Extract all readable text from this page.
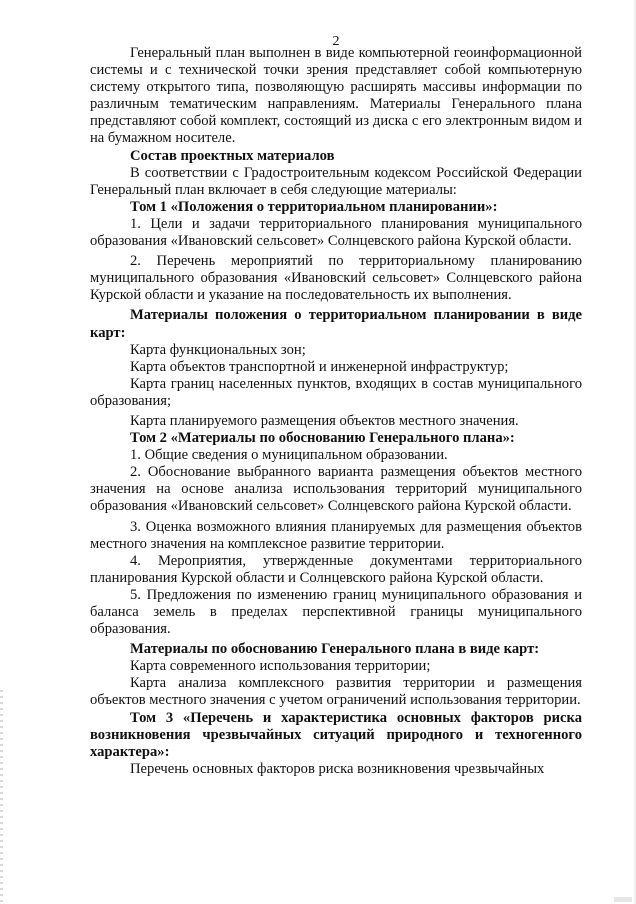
2

Генеральный план выполнен в виде компьютерной геоинформационной системы и с технической точки зрения представляет собой компьютерную систему открытого типа, позволяющую расширять массивы информации по различным тематическим направлениям. Материалы Генерального плана представляют собой комплект, состоящий из диска с его электронным видом и на бумажном носителе.

Состав проектных материалов

В соответствии с Градостроительным кодексом Российской Федерации Генеральный план включает в себя следующие материалы:

Том 1 «Положения о территориальном планировании»:

1. Цели и задачи территориального планирования муниципального образования «Ивановский сельсовет» Солнцевского района Курской области.

2. Перечень мероприятий по территориальному планированию муниципального образования «Ивановский сельсовет» Солнцевского района Курской области и указание на последовательность их выполнения.

Материалы положения о территориальном планировании в виде карт:

Карта функциональных зон;

Карта объектов транспортной и инженерной инфраструктур;

Карта границ населенных пунктов, входящих в состав муниципального образования;

Карта планируемого размещения объектов местного значения.

Том 2 «Материалы по обоснованию Генерального плана»:

1. Общие сведения о муниципальном образовании.

2. Обоснование выбранного варианта размещения объектов местного значения на основе анализа использования территорий муниципального образования «Ивановский сельсовет» Солнцевского района Курской области.

3. Оценка возможного влияния планируемых для размещения объектов местного значения на комплексное развитие территории.

4. Мероприятия, утвержденные документами территориального планирования Курской области и Солнцевского района Курской области.

5. Предложения по изменению границ муниципального образования и баланса земель в пределах перспективной границы муниципального образования.

Материалы по обоснованию Генерального плана в виде карт:

Карта современного использования территории;

Карта анализа комплексного развития территории и размещения объектов местного значения с учетом ограничений использования территории.

Том 3 «Перечень и характеристика основных факторов риска возникновения чрезвычайных ситуаций природного и техногенного характера»:

Перечень основных факторов риска возникновения чрезвычайных
